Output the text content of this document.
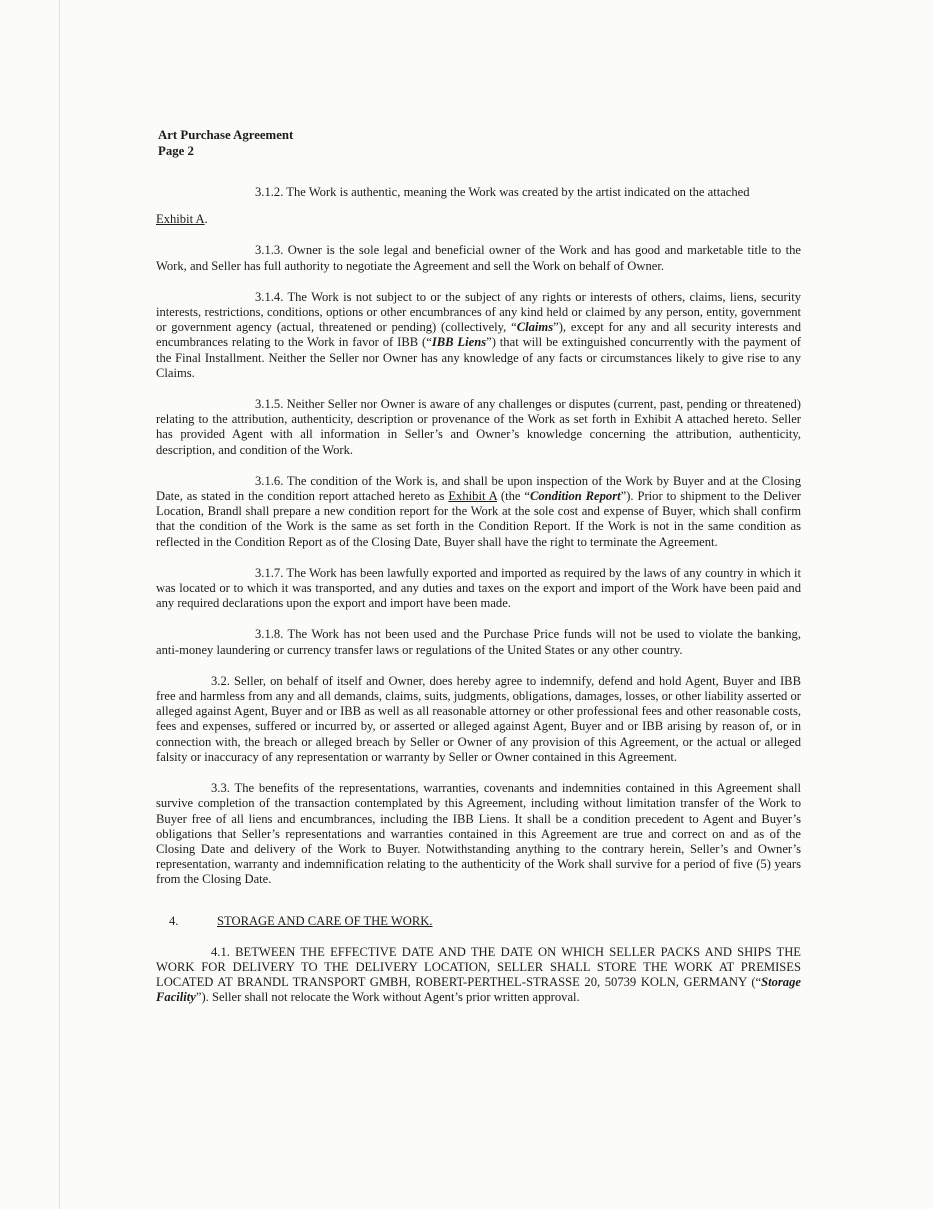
Art Purchase Agreement
Page 2

3.1.2. The Work is authentic, meaning the Work was created by the artist indicated on the attached

Exhibit A.

3.1.3. Owner is the sole legal and beneficial owner of the Work and has good and marketable title to the Work, and Seller has full authority to negotiate the Agreement and sell the Work on behalf of Owner.

3.1.4. The Work is not subject to or the subject of any rights or interests of others, claims, liens, security interests, restrictions, conditions, options or other encumbrances of any kind held or claimed by any person, entity, government or government agency (actual, threatened or pending) (collectively, “Claims”), except for any and all security interests and encumbrances relating to the Work in favor of IBB (“IBB Liens”) that will be extinguished concurrently with the payment of the Final Installment. Neither the Seller nor Owner has any knowledge of any facts or circumstances likely to give rise to any Claims.

3.1.5. Neither Seller nor Owner is aware of any challenges or disputes (current, past, pending or threatened) relating to the attribution, authenticity, description or provenance of the Work as set forth in Exhibit A attached hereto. Seller has provided Agent with all information in Seller’s and Owner’s knowledge concerning the attribution, authenticity, description, and condition of the Work.

3.1.6. The condition of the Work is, and shall be upon inspection of the Work by Buyer and at the Closing Date, as stated in the condition report attached hereto as Exhibit A (the “Condition Report”). Prior to shipment to the Deliver Location, Brandl shall prepare a new condition report for the Work at the sole cost and expense of Buyer, which shall confirm that the condition of the Work is the same as set forth in the Condition Report. If the Work is not in the same condition as reflected in the Condition Report as of the Closing Date, Buyer shall have the right to terminate the Agreement.

3.1.7. The Work has been lawfully exported and imported as required by the laws of any country in which it was located or to which it was transported, and any duties and taxes on the export and import of the Work have been paid and any required declarations upon the export and import have been made.

3.1.8. The Work has not been used and the Purchase Price funds will not be used to violate the banking, anti-money laundering or currency transfer laws or regulations of the United States or any other country.

3.2. Seller, on behalf of itself and Owner, does hereby agree to indemnify, defend and hold Agent, Buyer and IBB free and harmless from any and all demands, claims, suits, judgments, obligations, damages, losses, or other liability asserted or alleged against Agent, Buyer and or IBB as well as all reasonable attorney or other professional fees and other reasonable costs, fees and expenses, suffered or incurred by, or asserted or alleged against Agent, Buyer and or IBB arising by reason of, or in connection with, the breach or alleged breach by Seller or Owner of any provision of this Agreement, or the actual or alleged falsity or inaccuracy of any representation or warranty by Seller or Owner contained in this Agreement.

3.3. The benefits of the representations, warranties, covenants and indemnities contained in this Agreement shall survive completion of the transaction contemplated by this Agreement, including without limitation transfer of the Work to Buyer free of all liens and encumbrances, including the IBB Liens. It shall be a condition precedent to Agent and Buyer’s obligations that Seller’s representations and warranties contained in this Agreement are true and correct on and as of the Closing Date and delivery of the Work to Buyer. Notwithstanding anything to the contrary herein, Seller’s and Owner’s representation, warranty and indemnification relating to the authenticity of the Work shall survive for a period of five (5) years from the Closing Date.

4.	STORAGE AND CARE OF THE WORK.

4.1. BETWEEN THE EFFECTIVE DATE AND THE DATE ON WHICH SELLER PACKS AND SHIPS THE WORK FOR DELIVERY TO THE DELIVERY LOCATION, SELLER SHALL STORE THE WORK AT PREMISES LOCATED AT BRANDL TRANSPORT GMBH, ROBERT-PERTHEL-STRASSE 20, 50739 KOLN, GERMANY (“Storage Facility”). Seller shall not relocate the Work without Agent’s prior written approval.
